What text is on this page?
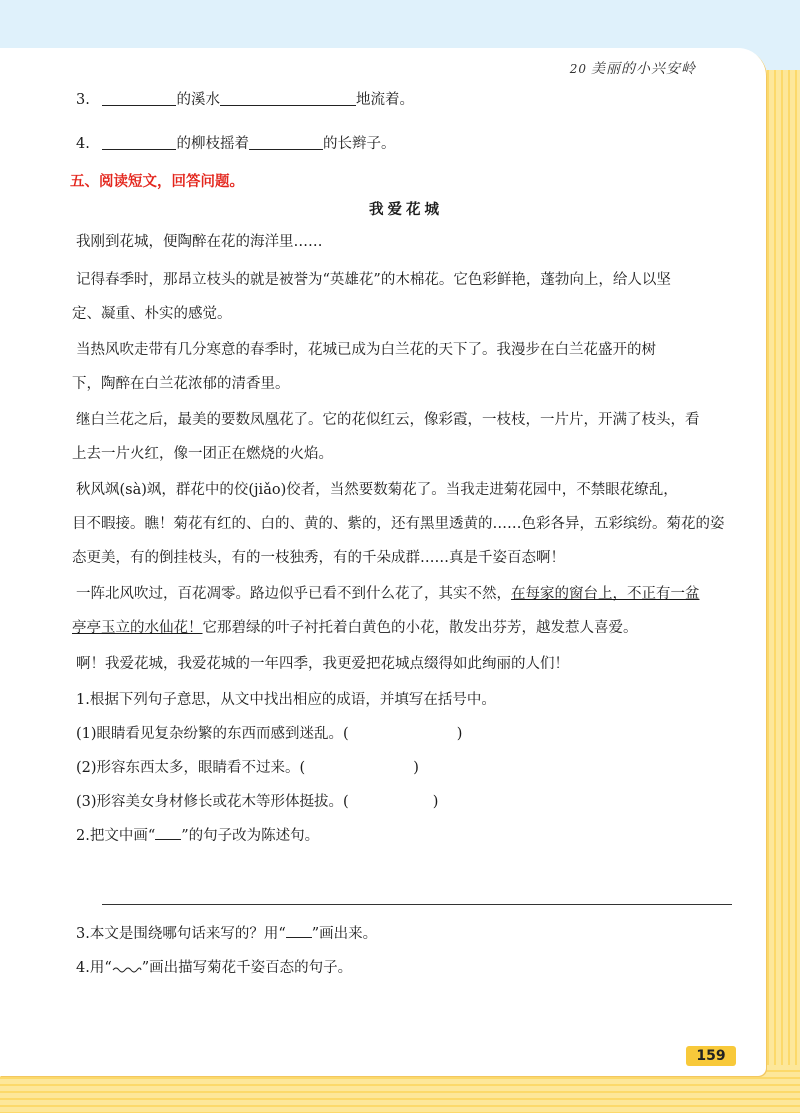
20 美丽的小兴安岭
3.	的溪水	地流着。
4.	的柳枝摇着	的长辫子。
五、阅读短文，回答问题。
我爱花城
我刚到花城，便陶醉在花的海洋里……
记得春季时，那昂立枝头的就是被誉为“英雄花”的木棉花。它色彩鲜艳，蓬勃向上，给人以坚
定、凝重、朴实的感觉。
当热风吹走带有几分寒意的春季时，花城已成为白兰花的天下了。我漫步在白兰花盛开的树
下，陶醉在白兰花浓郁的清香里。
继白兰花之后，最美的要数凤凰花了。它的花似红云，像彩霞，一枝枝，一片片，开满了枝头，看
上去一片火红，像一团正在燃烧的火焰。
秋风飒(sà)飒，群花中的佼(jiǎo)佼者，当然要数菊花了。当我走进菊花园中，不禁眼花缭乱，
目不暇接。瞧！菊花有红的、白的、黄的、紫的，还有黑里透黄的……色彩各异，五彩缤纷。菊花的姿
态更美，有的倒挂枝头，有的一枝独秀，有的千朵成群……真是千姿百态啊！
一阵北风吹过，百花凋零。路边似乎已看不到什么花了，其实不然，在每家的窗台上，不正有一盆
亭亭玉立的水仙花！它那碧绿的叶子衬托着白黄色的小花，散发出芬芳，越发惹人喜爱。
啊！我爱花城，我爱花城的一年四季，我更爱把花城点缀得如此绚丽的人们！
1.根据下列句子意思，从文中找出相应的成语，并填写在括号中。
(1)眼睛看见复杂纷繁的东西而感到迷乱。(	)
(2)形容东西太多，眼睛看不过来。(	)
(3)形容美女身材修长或花木等形体挺拔。(	)
2.把文中画“ ”的句子改为陈述句。
3.本文是围绕哪句话来写的？用“ ”画出来。
4.用“ ”画出描写菊花千姿百态的句子。
159
